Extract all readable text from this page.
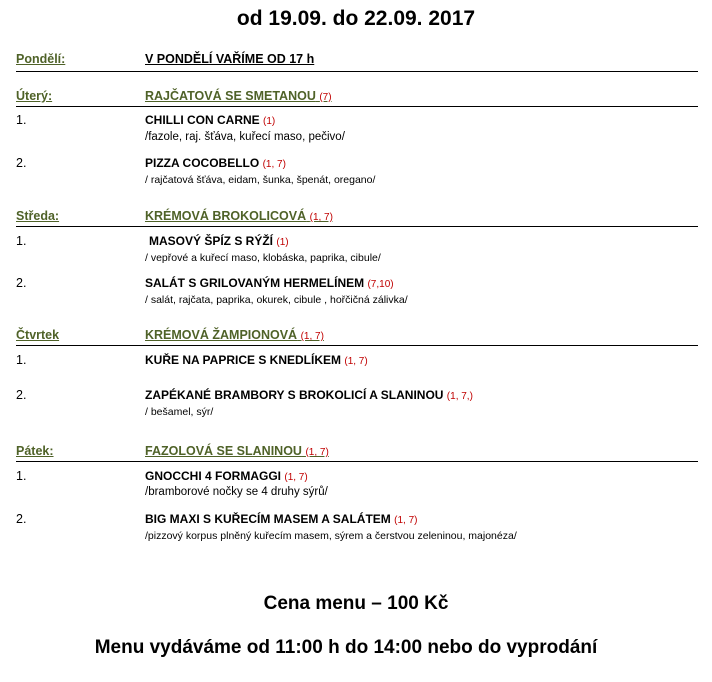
od 19.09. do 22.09. 2017
Pondělí:	V PONDĚLÍ VAŘÍME OD 17 h
Úterý:	RAJČATOVÁ SE SMETANOU (7)
1.	CHILLI CON CARNE (1)
/fazole, raj. šťáva, kuřecí maso, pečivo/
2.	PIZZA COCOBELLO (1, 7)
/ rajčatová šťáva, eidam, šunka, špenát, oregano/
Středa:	KRÉMOVÁ BROKOLICOVÁ (1, 7)
1.	MASOVÝ ŠPÍZ S RÝŽÍ (1)
/ vepřové a kuřecí maso, klobáska, paprika, cibule/
2.	SALÁT S GRILOVANÝM HERMELÍNEM (7,10)
/ salát, rajčata, paprika, okurek, cibule , hořčičná zálivka/
Čtvrtek	KRÉMOVÁ ŽAMPIONOVÁ (1, 7)
1.	KUŘE NA PAPRICE S KNEDLÍKEM (1, 7)
2.	ZAPÉKANÉ BRAMBORY S BROKOLICÍ A SLANINOU (1, 7,)
/ bešamel, sýr/
Pátek:	FAZOLOVÁ SE SLANINOU (1, 7)
1.	GNOCCHI 4 FORMAGGI (1, 7)
/bramborové nočky se 4 druhy sýrů/
2.	BIG MAXI S KUŘECÍM MASEM A SALÁTEM (1, 7)
/pizzový korpus plněný kuřecím masem, sýrem a čerstvou zeleninou, majonéza/
Cena menu – 100 Kč
Menu vydáváme od 11:00 h do 14:00 nebo do vyprodání
